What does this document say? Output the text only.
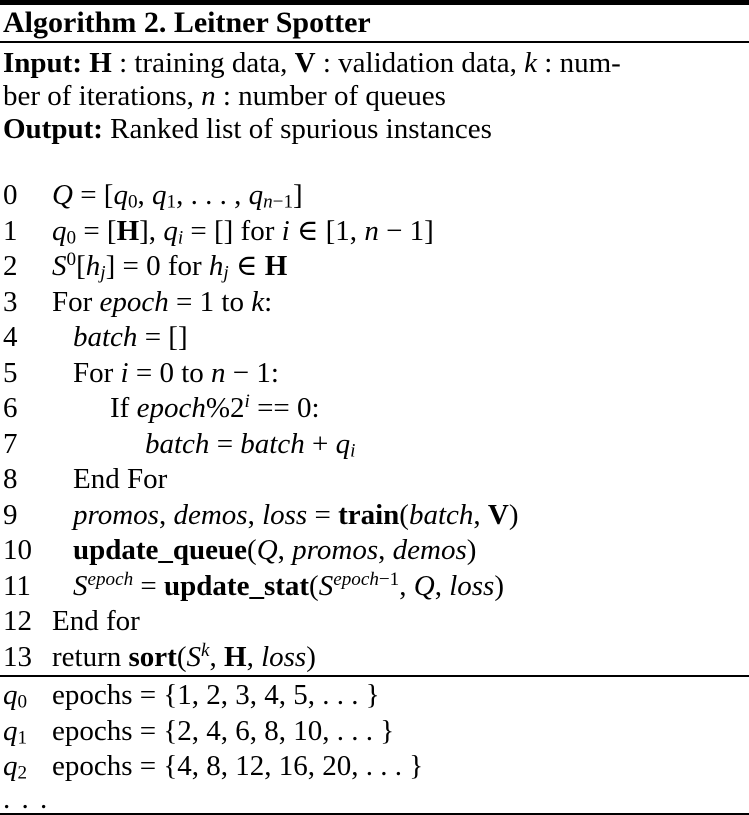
Algorithm 2. Leitner Spotter
Input: H : training data, V : validation data, k : num-
ber of iterations, n : number of queues
Output: Ranked list of spurious instances
0	$Q = [q_0$, $q_1$, . . . , $q_{n-1}$]
1	$q_0 = [H]$, $q_i$ = [] for i ∈ [1, n − 1]
2	$S^0[h_j] = 0$ for $h_j$ ∈ H
3	For epoch = 1 to k:
4	batch = []
5	For i = 0 to n − 1:
6	If $epoch\%2^i == 0$:
7	batch = batch + $q_i$
8	End For
9	promos, demos, loss = train(batch, V)
10	update_queue(Q, promos, demos)
11	$S^{epoch}$ = $update\_stat(S^{epoch-1}$, Q, loss)
12 End for
13 return $sort(S^k$, H, loss)
$q_0$ epochs = {1, 2, 3, 4, 5, . . . }
$q_1$ epochs = {2, 4, 6, 8, 10, . . . }
$q_2$ epochs = {4, 8, 12, 16, 20, . . . }
. . .
